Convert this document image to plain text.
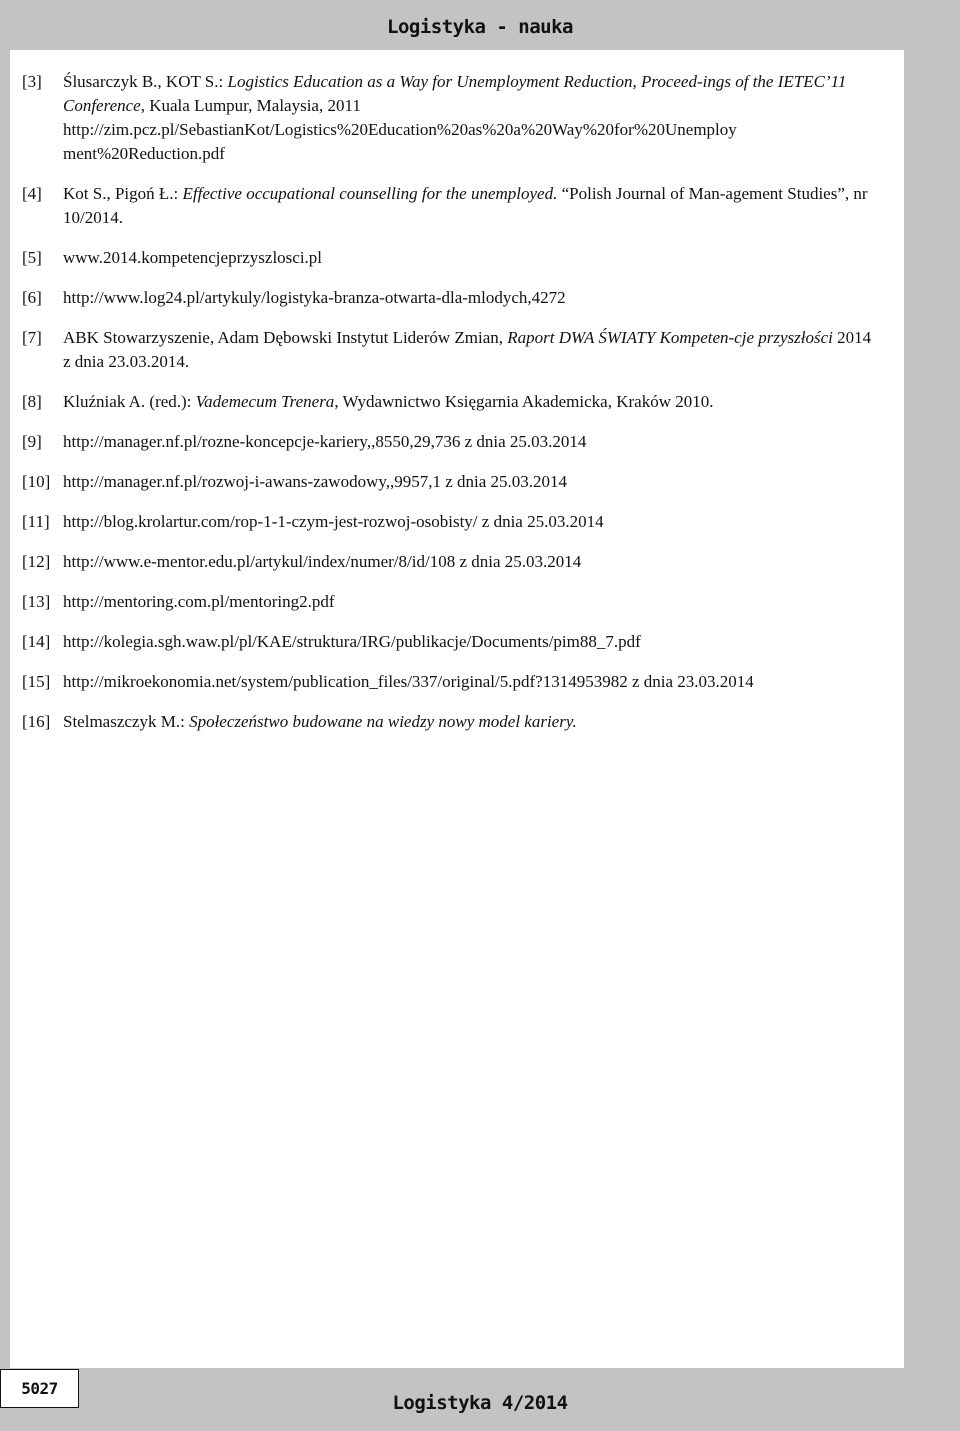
Logistyka - nauka
[3] Ślusarczyk B., KOT S.: Logistics Education as a Way for Unemployment Reduction, Proceed-ings of the IETEC’11 Conference, Kuala Lumpur, Malaysia, 2011 http://zim.pcz.pl/SebastianKot/Logistics%20Education%20as%20a%20Way%20for%20Unemploy ment%20Reduction.pdf
[4] Kot S., Pigoń Ł.: Effective occupational counselling for the unemployed. “Polish Journal of Man-agement Studies”, nr 10/2014.
[5] www.2014.kompetencjeprzyszlosci.pl
[6] http://www.log24.pl/artykuly/logistyka-branza-otwarta-dla-mlodych,4272
[7] ABK Stowarzyszenie, Adam Dębowski Instytut Liderów Zmian, Raport DWA ŚWIATY Kompeten-cje przyszłości 2014 z dnia 23.03.2014.
[8] Kluźniak A. (red.): Vademecum Trenera, Wydawnictwo Księgarnia Akademicka, Kraków 2010.
[9] http://manager.nf.pl/rozne-koncepcje-kariery,,8550,29,736 z dnia 25.03.2014
[10] http://manager.nf.pl/rozwoj-i-awans-zawodowy,,9957,1 z dnia 25.03.2014
[11] http://blog.krolartur.com/rop-1-1-czym-jest-rozwoj-osobisty/ z dnia 25.03.2014
[12] http://www.e-mentor.edu.pl/artykul/index/numer/8/id/108 z dnia 25.03.2014
[13] http://mentoring.com.pl/mentoring2.pdf
[14] http://kolegia.sgh.waw.pl/pl/KAE/struktura/IRG/publikacje/Documents/pim88_7.pdf
[15] http://mikroekonomia.net/system/publication_files/337/original/5.pdf?1314953982 z dnia 23.03.2014
[16] Stelmaszczyk M.: Społeczeństwo budowane na wiedzy nowy model kariery.
5027
Logistyka 4/2014
